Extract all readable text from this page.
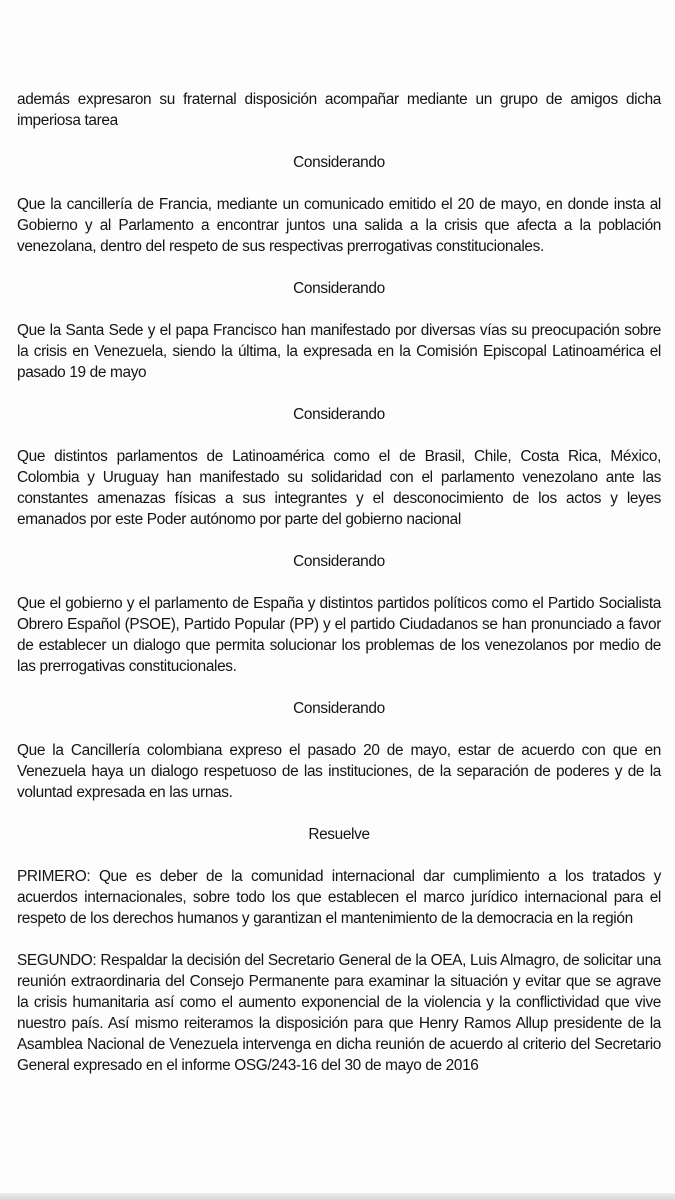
además expresaron su fraternal disposición acompañar mediante un grupo de amigos dicha imperiosa tarea

Considerando

Que la cancillería de Francia, mediante un comunicado emitido el 20 de mayo, en donde insta al Gobierno y al Parlamento a encontrar juntos una salida a la crisis que afecta a la población venezolana, dentro del respeto de sus respectivas prerrogativas constitucionales.

Considerando

Que la Santa Sede y el papa Francisco han manifestado por diversas vías su preocupación sobre la crisis en Venezuela, siendo la última, la expresada en la Comisión Episcopal Latinoamérica el pasado 19 de mayo

Considerando

Que distintos parlamentos de Latinoamérica como el de Brasil, Chile, Costa Rica, México, Colombia y Uruguay han manifestado su solidaridad con el parlamento venezolano ante las constantes amenazas físicas a sus integrantes y el desconocimiento de los actos y leyes emanados por este Poder autónomo por parte del gobierno nacional

Considerando

Que el gobierno y el parlamento de España y distintos partidos políticos como el Partido Socialista Obrero Español (PSOE), Partido Popular (PP) y el partido Ciudadanos se han pronunciado a favor de establecer un dialogo que permita solucionar los problemas de los venezolanos por medio de las prerrogativas constitucionales.

Considerando

Que la Cancillería colombiana expreso el pasado 20 de mayo, estar de acuerdo con que en Venezuela haya un dialogo respetuoso de las instituciones, de la separación de poderes y de la voluntad expresada en las urnas.

Resuelve

PRIMERO: Que es deber de la comunidad internacional dar cumplimiento a los tratados y acuerdos internacionales, sobre todo los que establecen el marco jurídico internacional para el respeto de los derechos humanos y garantizan el mantenimiento de la democracia en la región

SEGUNDO: Respaldar la decisión del Secretario General de la OEA, Luis Almagro, de solicitar una reunión extraordinaria del Consejo Permanente para examinar la situación y evitar que se agrave la crisis humanitaria así como el aumento exponencial de la violencia y la conflictividad que vive nuestro país. Así mismo reiteramos la disposición para que Henry Ramos Allup presidente de la Asamblea Nacional de Venezuela intervenga en dicha reunión de acuerdo al criterio del Secretario General expresado en el informe OSG/243-16 del 30 de mayo de 2016
